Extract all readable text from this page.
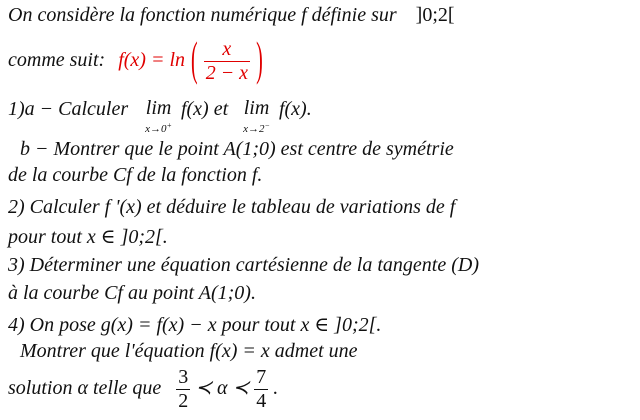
On considère la fonction numérique f définie sur ]0;2[
comme suit: f(x) = ln ( $\frac{x}{2 - x}$ )
1)a − Calculer lim
x→0+
f(x) et lim
x→2−
f(x).
b − Montrer que le point A(1;0) est centre de symétrie
de la courbe Cf de la fonction f.
2) Calculer f '(x) et déduire le tableau de variations de f
pour tout x ∈ ]0;2[.
3) Déterminer une équation cartésienne de la tangente (D)
à la courbe Cf au point A(1;0).
4) On pose g(x) = f(x) − x pour tout x ∈ ]0;2[.
Montrer que l'équation f(x) = x admet une
solution α telle que $\frac{3}{2}$ ≺ α ≺ $\frac{7}{4}$ .
